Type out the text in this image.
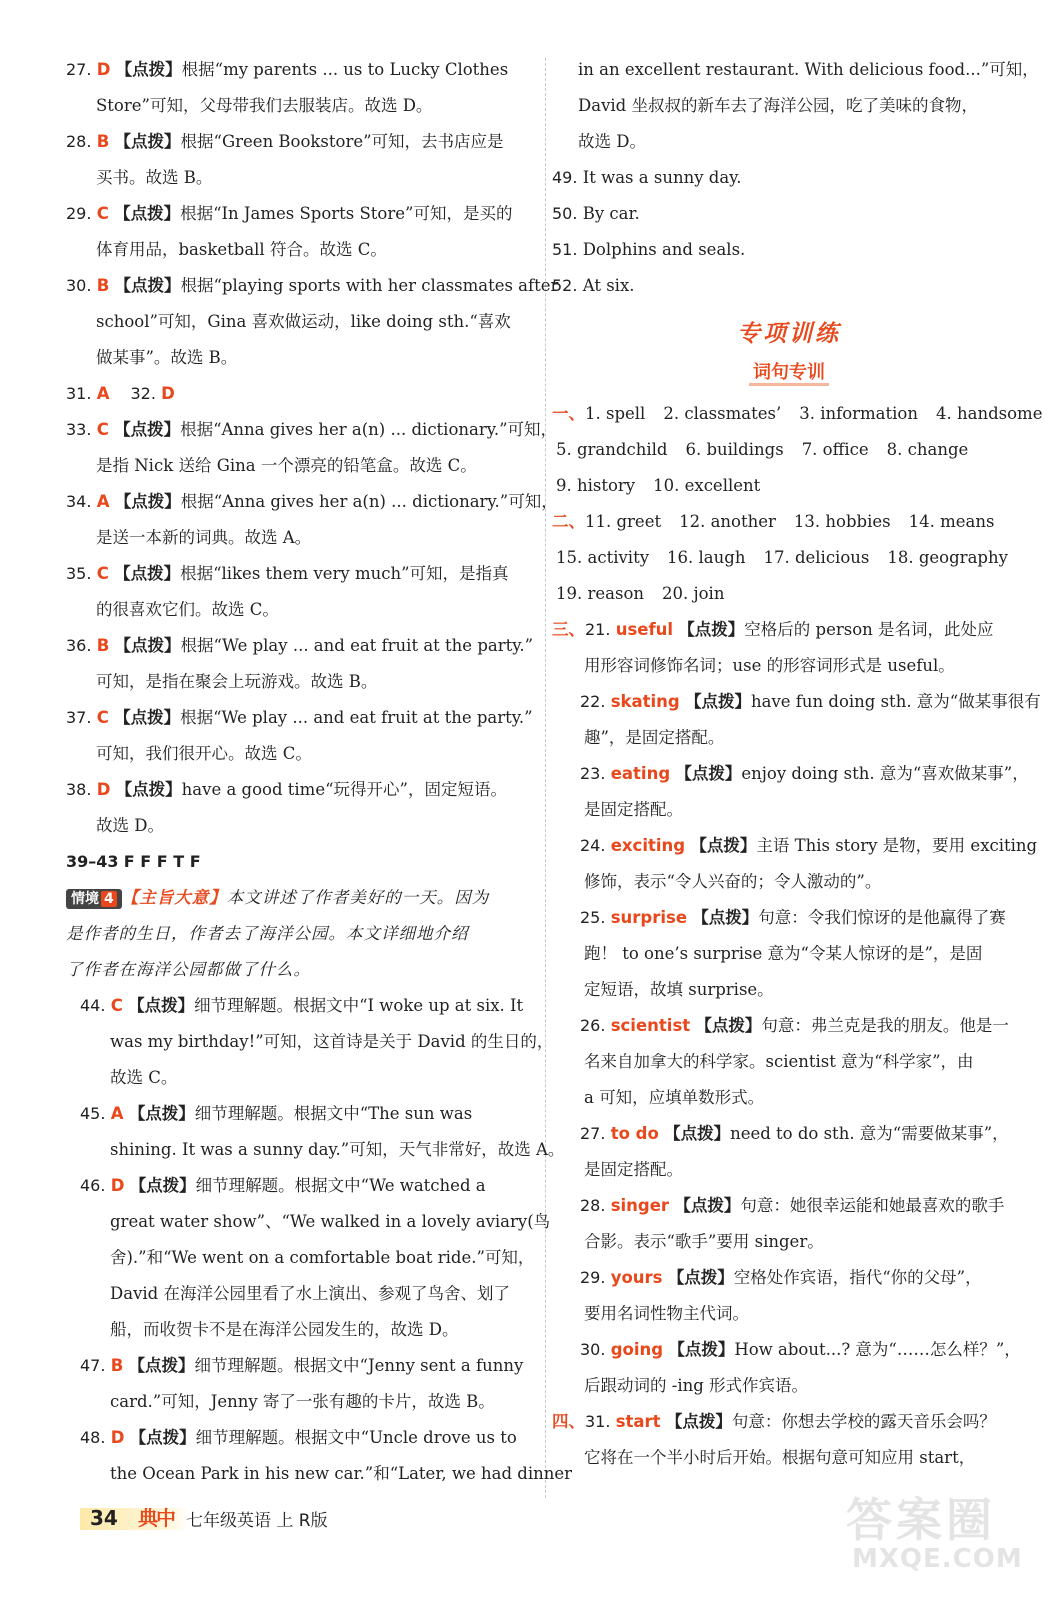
27. D 【点拨】根据“my parents ... us to Lucky Clothes
Store”可知，父母带我们去服装店。故选 D。
28. B 【点拨】根据“Green Bookstore”可知，去书店应是
买书。故选 B。
29. C 【点拨】根据“In James Sports Store”可知，是买的
体育用品，basketball 符合。故选 C。
30. B 【点拨】根据“playing sports with her classmates after
school”可知，Gina 喜欢做运动，like doing sth.“喜欢
做某事”。故选 B。
31. A 32. D
33. C 【点拨】根据“Anna gives her a(n) ... dictionary.”可知，
是指 Nick 送给 Gina 一个漂亮的铅笔盒。故选 C。
34. A 【点拨】根据“Anna gives her a(n) ... dictionary.”可知，
是送一本新的词典。故选 A。
35. C 【点拨】根据“likes them very much”可知，是指真
的很喜欢它们。故选 C。
36. B 【点拨】根据“We play ... and eat fruit at the party.”
可知，是指在聚会上玩游戏。故选 B。
37. C 【点拨】根据“We play ... and eat fruit at the party.”
可知，我们很开心。故选 C。
38. D 【点拨】have a good time“玩得开心”，固定短语。
故选 D。
39–43 F F F T F
情境 4 【主旨大意】本文讲述了作者美好的一天。因为
是作者的生日，作者去了海洋公园。本文详细地介绍
了作者在海洋公园都做了什么。
44. C 【点拨】细节理解题。根据文中“I woke up at six. It
was my birthday!”可知，这首诗是关于 David 的生日的，
故选 C。
45. A 【点拨】细节理解题。根据文中“The sun was
shining. It was a sunny day.”可知，天气非常好，故选 A。
46. D 【点拨】细节理解题。根据文中“We watched a
great water show”、“We walked in a lovely aviary(鸟
舍).”和“We went on a comfortable boat ride.”可知，
David 在海洋公园里看了水上演出、参观了鸟舍、划了
船，而收贺卡不是在海洋公园发生的，故选 D。
47. B 【点拨】细节理解题。根据文中“Jenny sent a funny
card.”可知，Jenny 寄了一张有趣的卡片，故选 B。
48. D 【点拨】细节理解题。根据文中“Uncle drove us to
the Ocean Park in his new car.”和“Later, we had dinner
in an excellent restaurant. With delicious food...”可知，
David 坐叔叔的新车去了海洋公园，吃了美味的食物，
故选 D。
49. It was a sunny day.
50. By car.
51. Dolphins and seals.
52. At six.
专项训练
词句专训
一、1. spell 2. classmates’ 3. information 4. handsome
5. grandchild 6. buildings 7. office 8. change
9. history 10. excellent
二、11. greet 12. another 13. hobbies 14. means
15. activity 16. laugh 17. delicious 18. geography
19. reason 20. join
三、21. useful 【点拨】空格后的 person 是名词，此处应
用形容词修饰名词；use 的形容词形式是 useful。
22. skating 【点拨】have fun doing sth. 意为“做某事很有
趣”，是固定搭配。
23. eating 【点拨】enjoy doing sth. 意为“喜欢做某事”，
是固定搭配。
24. exciting 【点拨】主语 This story 是物，要用 exciting
修饰，表示“令人兴奋的；令人激动的”。
25. surprise 【点拨】句意：令我们惊讶的是他赢得了赛
跑！ to one’s surprise 意为“令某人惊讶的是”，是固
定短语，故填 surprise。
26. scientist 【点拨】句意：弗兰克是我的朋友。他是一
名来自加拿大的科学家。scientist 意为“科学家”，由
a 可知，应填单数形式。
27. to do 【点拨】need to do sth. 意为“需要做某事”，
是固定搭配。
28. singer 【点拨】句意：她很幸运能和她最喜欢的歌手
合影。表示“歌手”要用 singer。
29. yours 【点拨】空格处作宾语，指代“你的父母”，
要用名词性物主代词。
30. going 【点拨】How about...? 意为“……怎么样？”，
后跟动词的 -ing 形式作宾语。
四、31. start 【点拨】句意：你想去学校的露天音乐会吗？
它将在一个半小时后开始。根据句意可知应用 start，
34 典中 七年级英语 上 R版	答案圈
MXQE.COM
